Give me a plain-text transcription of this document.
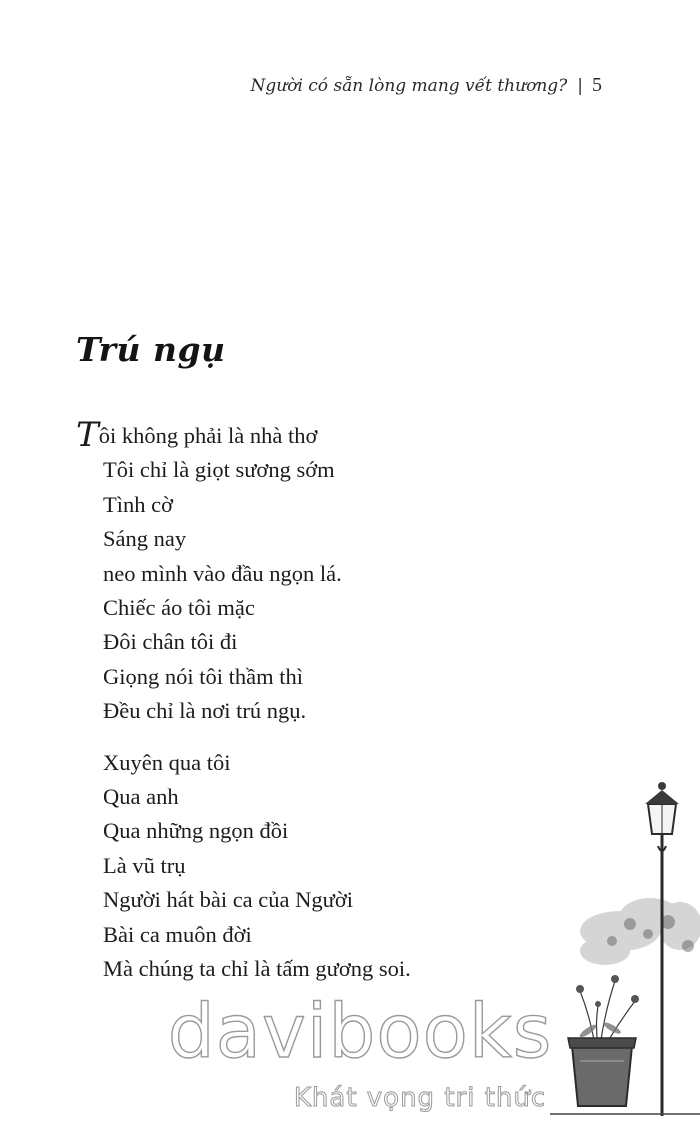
Người có sẵn lòng mang vết thương? | 5
Trú ngụ
Tôi không phải là nhà thơ
Tôi chỉ là giọt sương sớm
Tình cờ
Sáng nay
neo mình vào đầu ngọn lá.
Chiếc áo tôi mặc
Đôi chân tôi đi
Giọng nói tôi thầm thì
Đều chỉ là nơi trú ngụ.
Xuyên qua tôi
Qua anh
Qua những ngọn đồi
Là vũ trụ
Người hát bài ca của Người
Bài ca muôn đời
Mà chúng ta chỉ là tấm gương soi.
davibooks
Khát vọng tri thức
